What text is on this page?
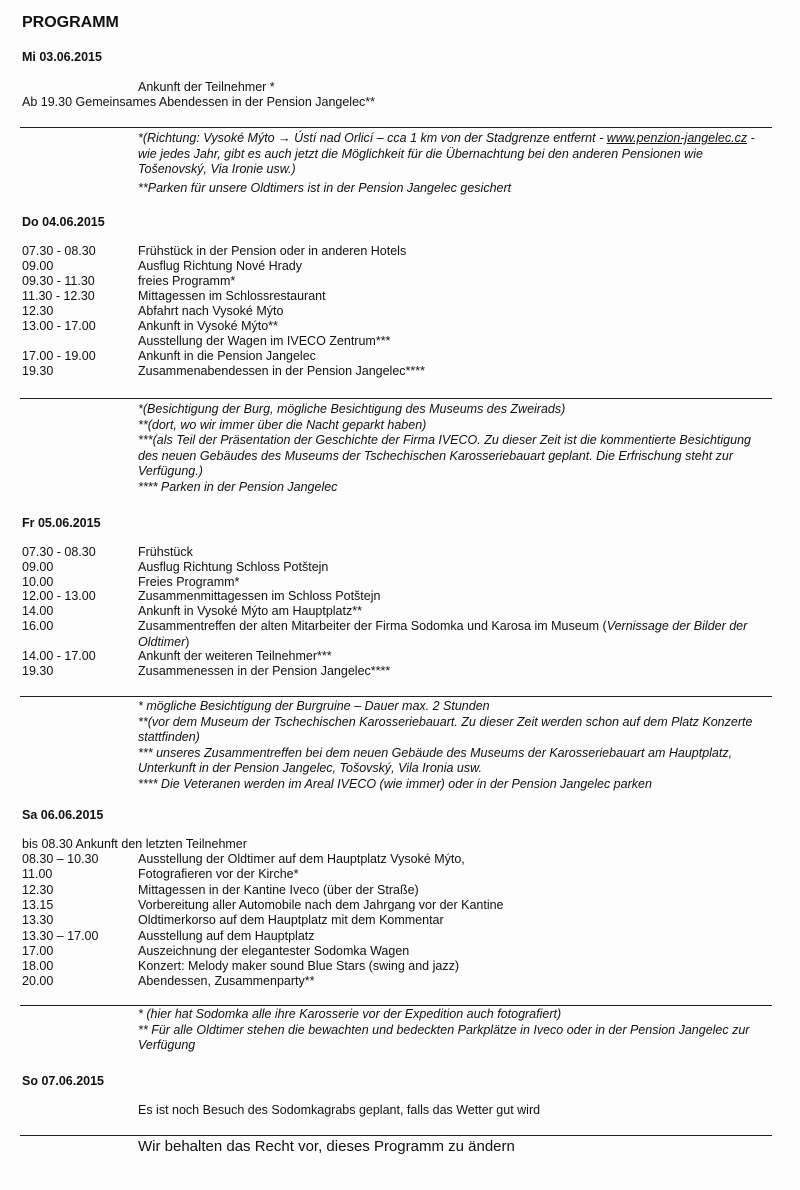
PROGRAMM
Mi 03.06.2015
Ankunft der Teilnehmer *
Ab 19.30 Gemeinsames Abendessen in der Pension Jangelec**

*(Richtung: Vysoké Mýto → Ústí nad Orlicí – cca 1 km von der Stadgrenze entfernt - www.penzion-jangelec.cz - wie jedes Jahr, gibt es auch jetzt die Möglichkeit für die Übernachtung bei den anderen Pensionen wie Tošenovský, Via Ironie usw.)

**Parken für unsere Oldtimers ist in der Pension Jangelec gesichert

Do 04.06.2015
07.30 - 08.30	Frühstück in der Pension oder in anderen Hotels
09.00	Ausflug Richtung Nové Hrady
09.30 - 11.30	freies Programm*
11.30 - 12.30	Mittagessen im Schlossrestaurant
12.30	Abfahrt nach Vysoké Mýto
13.00 - 17.00	Ankunft in Vysoké Mýto**
Ausstellung der Wagen im IVECO Zentrum***
17.00 - 19.00	Ankunft in die Pension Jangelec
19.30	Zusammenabendessen in der Pension Jangelec****

*(Besichtigung der Burg, mögliche Besichtigung des Museums des Zweirads)

**(dort, wo wir immer über die Nacht geparkt haben)

***(als Teil der Präsentation der Geschichte der Firma IVECO. Zu dieser Zeit ist die kommentierte Besichtigung des neuen Gebäudes des Museums der Tschechischen Karosseriebauart geplant. Die Erfrischung steht zur Verfügung.)

**** Parken in der Pension Jangelec

Fr 05.06.2015
07.30 - 08.30	Frühstück
09.00	Ausflug Richtung Schloss Potštejn
10.00	Freies Programm*
12.00 - 13.00	Zusammenmittagessen im Schloss Potštejn
14.00	Ankunft in Vysoké Mýto am Hauptplatz**
16.00	Zusammentreffen der alten Mitarbeiter der Firma Sodomka und Karosa im Museum (Vernissage der Bilder der Oldtimer)
14.00 - 17.00	Ankunft der weiteren Teilnehmer***
19.30	Zusammenessen in der Pension Jangelec****

* mögliche Besichtigung der Burgruine – Dauer max. 2 Stunden

**(vor dem Museum der Tschechischen Karosseriebauart. Zu dieser Zeit werden schon auf dem Platz Konzerte stattfinden)

*** unseres Zusammentreffen bei dem neuen Gebäude des Museums der Karosseriebauart am Hauptplatz, Unterkunft in der Pension Jangelec, Tošovský, Vila Ironia usw.

**** Die Veteranen werden im Areal IVECO (wie immer) oder in der Pension Jangelec parken

Sa 06.06.2015
bis 08.30 Ankunft den letzten Teilnehmer
08.30 – 10.30	Ausstellung der Oldtimer auf dem Hauptplatz Vysoké Mýto,
11.00	Fotografieren vor der Kirche*
12.30	Mittagessen in der Kantine Iveco (über der Straße)
13.15	Vorbereitung aller Automobile nach dem Jahrgang vor der Kantine
13.30	Oldtimerkorso auf dem Hauptplatz mit dem Kommentar
13.30 – 17.00	Ausstellung auf dem Hauptplatz
17.00	Auszeichnung der elegantester Sodomka Wagen
18.00	Konzert: Melody maker sound Blue Stars (swing and jazz)
20.00	Abendessen, Zusammenparty**

* (hier hat Sodomka alle ihre Karosserie vor der Expedition auch fotografiert)

** Für alle Oldtimer stehen die bewachten und bedeckten Parkplätze in Iveco oder in der Pension Jangelec zur Verfügung

So 07.06.2015
Es ist noch Besuch des Sodomkagrabs geplant, falls das Wetter gut wird
Wir behalten das Recht vor, dieses Programm zu ändern
